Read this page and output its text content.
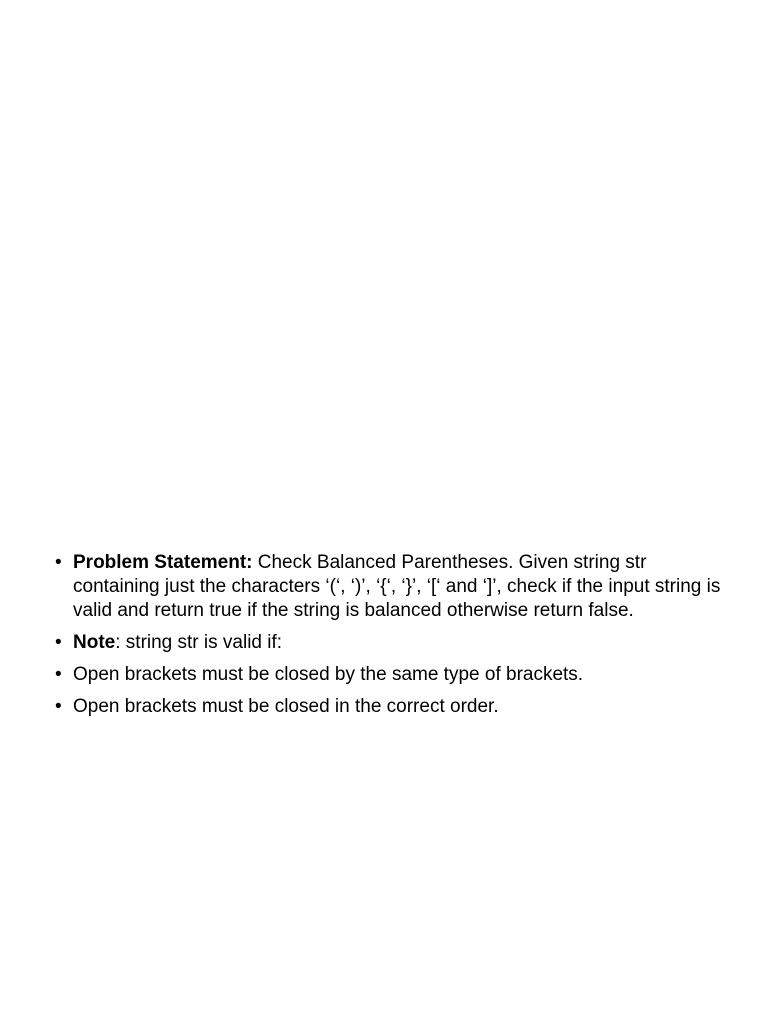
• Problem Statement: Check Balanced Parentheses. Given string str containing just the characters ‘(‘, ‘)’, ‘{‘, ‘}’, ‘[‘ and ‘]’, check if the input string is valid and return true if the string is balanced otherwise return false.
• Note: string str is valid if:
• Open brackets must be closed by the same type of brackets.
• Open brackets must be closed in the correct order.
